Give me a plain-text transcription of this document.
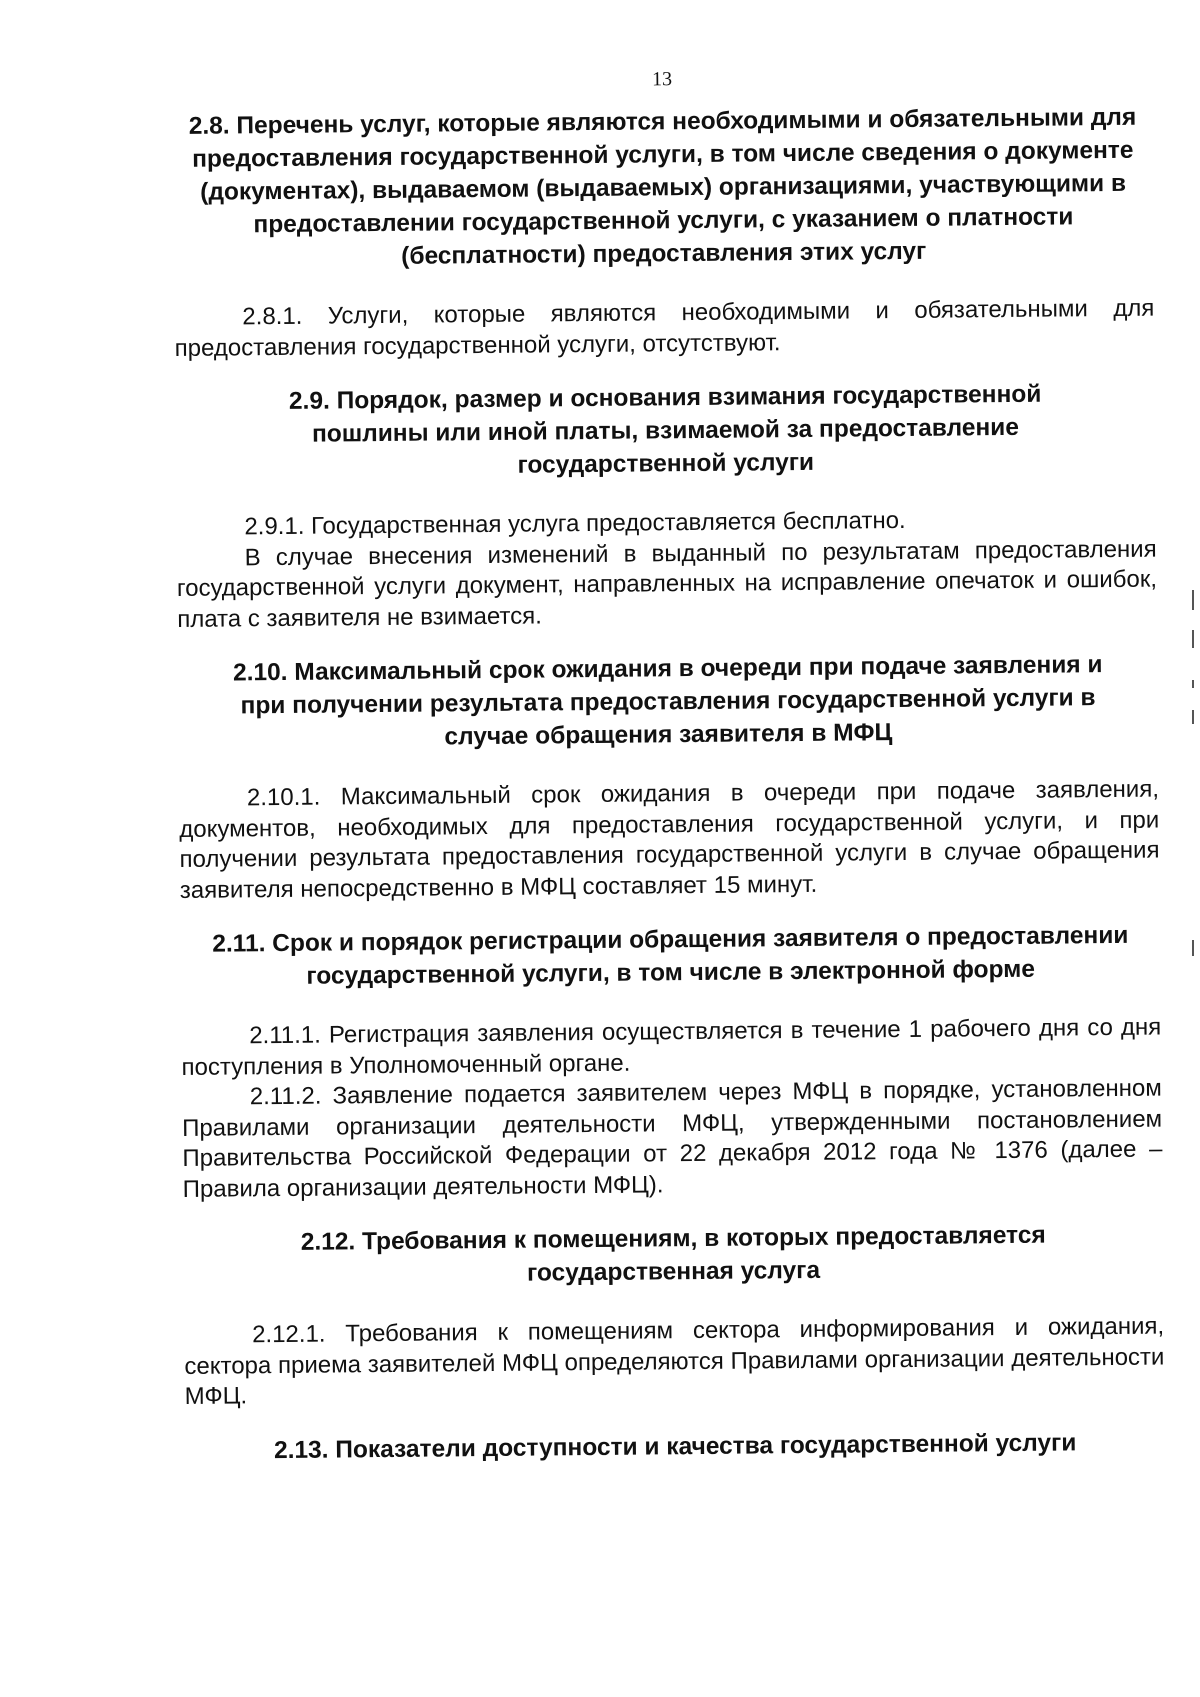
13

2.8. Перечень услуг, которые являются необходимыми и обязательными для предоставления государственной услуги, в том числе сведения о документе (документах), выдаваемом (выдаваемых) организациями, участвующими в предоставлении государственной услуги, с указанием о платности (бесплатности) предоставления этих услуг

2.8.1. Услуги, которые являются необходимыми и обязательными для предоставления государственной услуги, отсутствуют.

2.9. Порядок, размер и основания взимания государственной пошлины или иной платы, взимаемой за предоставление государственной услуги

2.9.1. Государственная услуга предоставляется бесплатно.

В случае внесения изменений в выданный по результатам предоставления государственной услуги документ, направленных на исправление опечаток и ошибок, плата с заявителя не взимается.

2.10. Максимальный срок ожидания в очереди при подаче заявления и при получении результата предоставления государственной услуги в случае обращения заявителя в МФЦ

2.10.1. Максимальный срок ожидания в очереди при подаче заявления, документов, необходимых для предоставления государственной услуги, и при получении результата предоставления государственной услуги в случае обращения заявителя непосредственно в МФЦ составляет 15 минут.

2.11. Срок и порядок регистрации обращения заявителя о предоставлении государственной услуги, в том числе в электронной форме

2.11.1. Регистрация заявления осуществляется в течение 1 рабочего дня со дня поступления в Уполномоченный органе.

2.11.2. Заявление подается заявителем через МФЦ в порядке, установленном Правилами организации деятельности МФЦ, утвержденными постановлением Правительства Российской Федерации от 22 декабря 2012 года № 1376 (далее – Правила организации деятельности МФЦ).

2.12. Требования к помещениям, в которых предоставляется государственная услуга

2.12.1. Требования к помещениям сектора информирования и ожидания, сектора приема заявителей МФЦ определяются Правилами организации деятельности МФЦ.

2.13. Показатели доступности и качества государственной услуги
